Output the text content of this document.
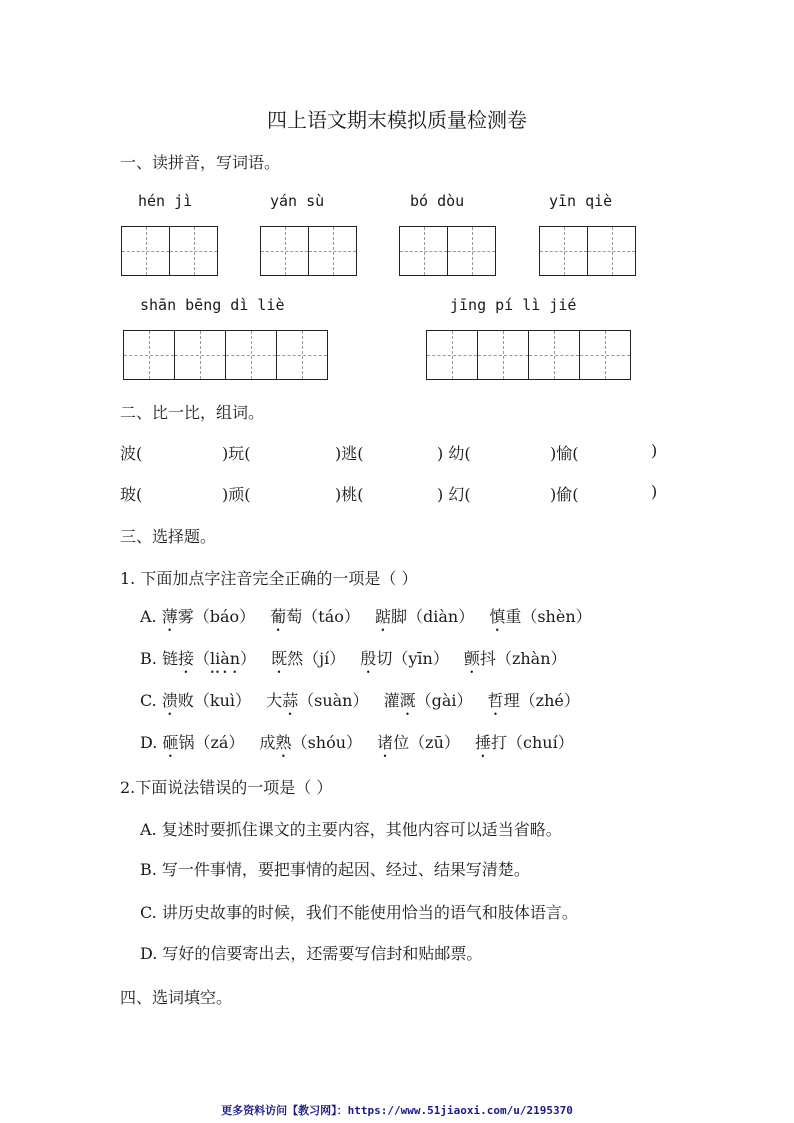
四上语文期末模拟质量检测卷
一、读拼音，写词语。
hén jì	yán sù	bó dòu	yīn qiè
shān bēng dì liè	jīng pí lì jié
二、比一比，组词。
波(	)玩(	)逃(	) 幼(	)愉(	)
玻(	)顽(	)桃(	) 幻(	)偷(	)
三、选择题。
1. 下面加点字注音完全正确的一项是（ ）
A. 薄雾（báo） 葡萄（táo） 踮脚（diàn） 慎重（shèn）
B. 链接（liàn） 既然（jí） 殷切（yīn） 颤抖（zhàn）
C. 溃败（kuì） 大蒜（suàn） 灌溉（gài） 哲理（zhé）
D. 砸锅（zá） 成熟（shóu） 诸位（zū） 捶打（chuí）
2.下面说法错误的一项是（ ）
A. 复述时要抓住课文的主要内容，其他内容可以适当省略。
B. 写一件事情，要把事情的起因、经过、结果写清楚。
C. 讲历史故事的时候，我们不能使用恰当的语气和肢体语言。
D. 写好的信要寄出去，还需要写信封和贴邮票。
四、选词填空。
更多资料访问【教习网】：https://www.51jiaoxi.com/u/2195370
